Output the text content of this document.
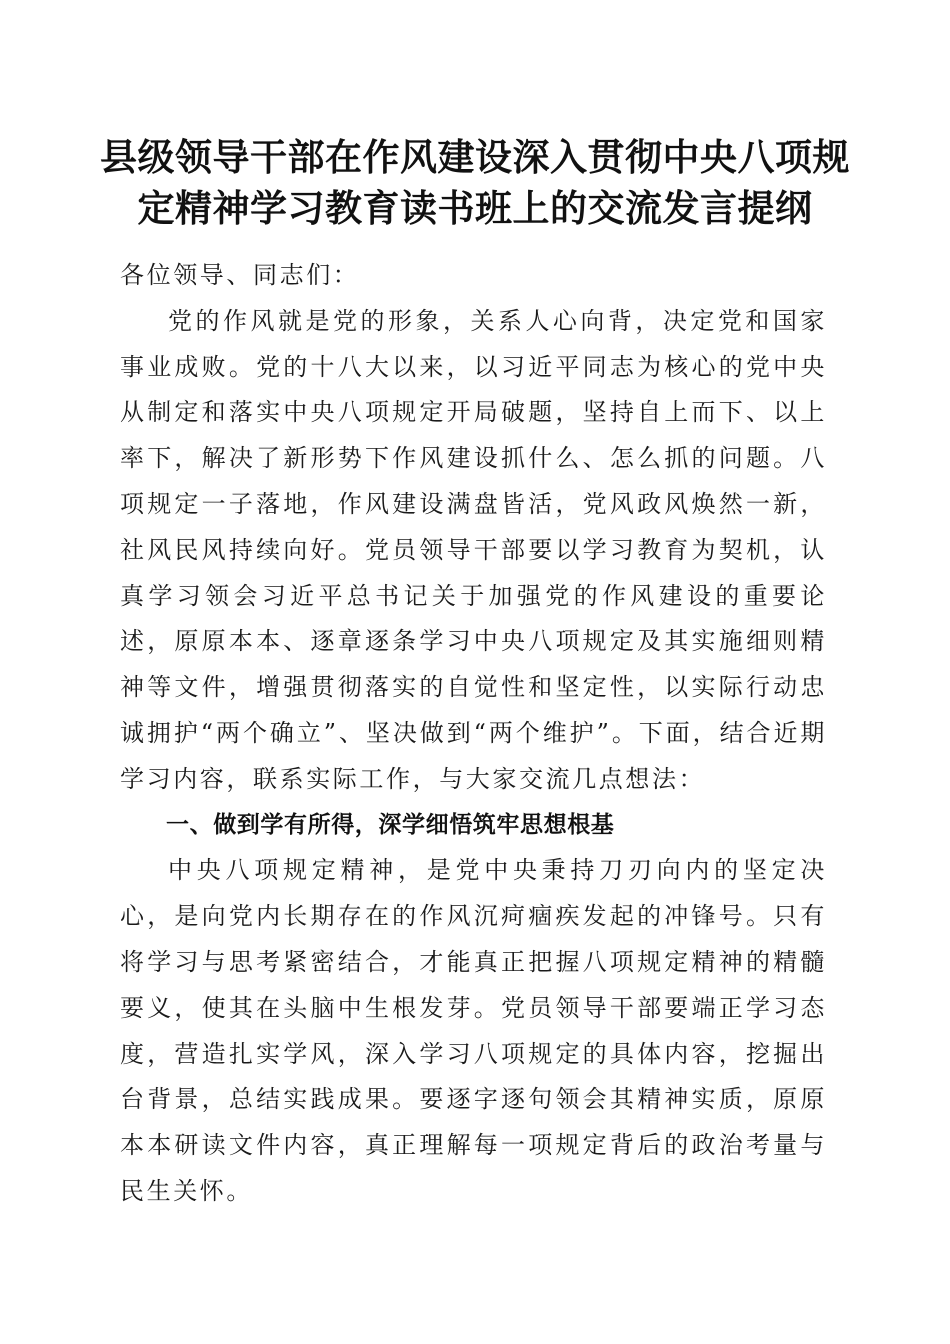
县级领导干部在作风建设深入贯彻中央八项规定精神学习教育读书班上的交流发言提纲

各位领导、同志们：

党的作风就是党的形象，关系人心向背，决定党和国家事业成败。党的十八大以来，以习近平同志为核心的党中央从制定和落实中央八项规定开局破题，坚持自上而下、以上率下，解决了新形势下作风建设抓什么、怎么抓的问题。八项规定一子落地，作风建设满盘皆活，党风政风焕然一新，社风民风持续向好。党员领导干部要以学习教育为契机，认真学习领会习近平总书记关于加强党的作风建设的重要论述，原原本本、逐章逐条学习中央八项规定及其实施细则精神等文件，增强贯彻落实的自觉性和坚定性，以实际行动忠诚拥护“两个确立”、坚决做到“两个维护”。下面，结合近期学习内容，联系实际工作，与大家交流几点想法：

一、做到学有所得，深学细悟筑牢思想根基

中央八项规定精神，是党中央秉持刀刃向内的坚定决心，是向党内长期存在的作风沉疴痼疾发起的冲锋号。只有将学习与思考紧密结合，才能真正把握八项规定精神的精髓要义，使其在头脑中生根发芽。党员领导干部要端正学习态度，营造扎实学风，深入学习八项规定的具体内容，挖掘出台背景，总结实践成果。要逐字逐句领会其精神实质，原原本本研读文件内容，真正理解每一项规定背后的政治考量与民生关怀。
